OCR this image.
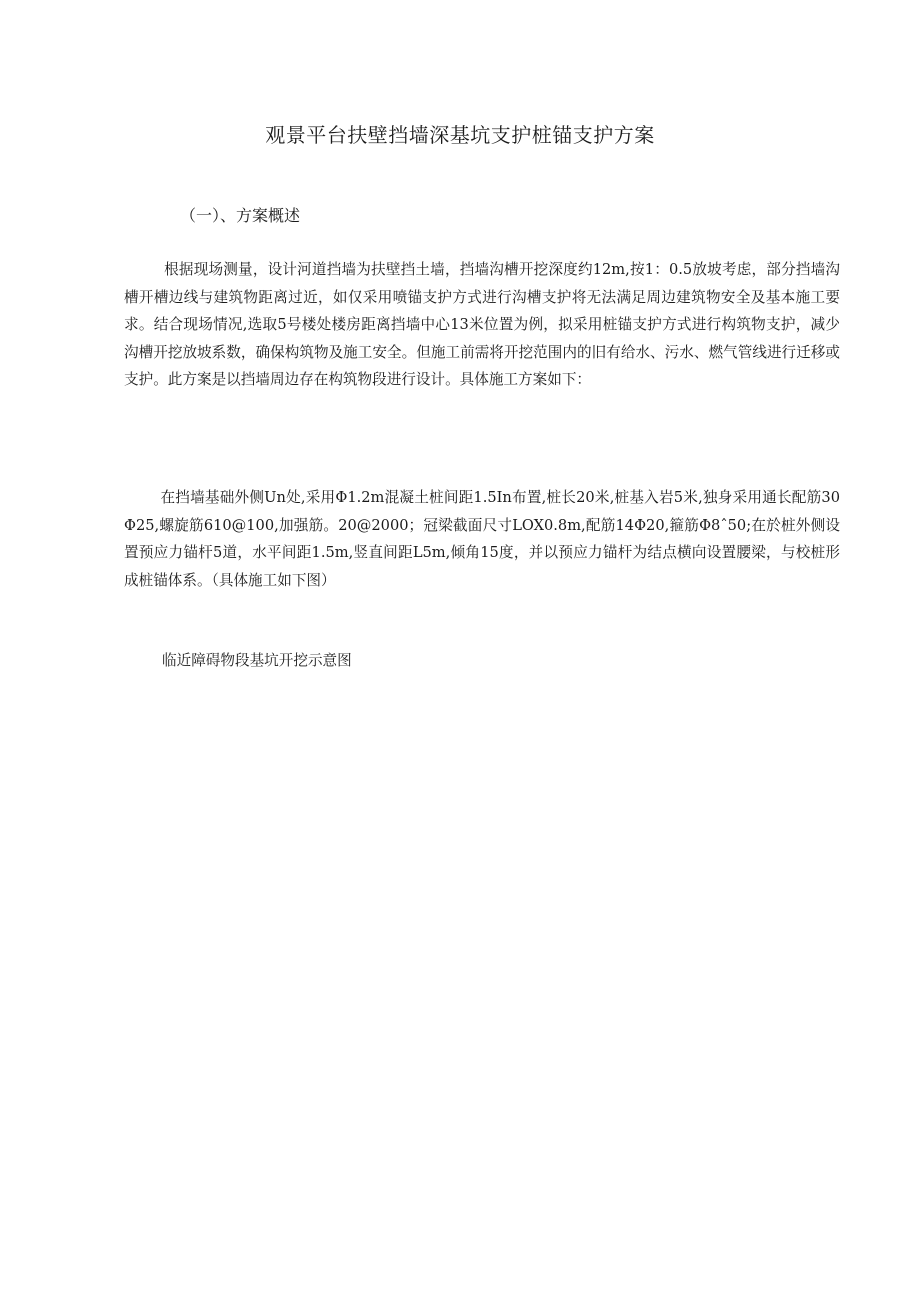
观景平台扶壁挡墙深基坑支护桩锚支护方案
（一）、方案概述

根据现场测量，设计河道挡墙为扶壁挡土墙，挡墙沟槽开挖深度约12m,按1：0.5放坡考虑，部分挡墙沟槽开槽边线与建筑物距离过近，如仅采用喷锚支护方式进行沟槽支护将无法满足周边建筑物安全及基本施工要求。结合现场情况,选取5号楼处楼房距离挡墙中心13米位置为例，拟采用桩锚支护方式进行构筑物支护，减少沟槽开挖放坡系数，确保构筑物及施工安全。但施工前需将开挖范围内的旧有给水、污水、燃气管线进行迁移或支护。此方案是以挡墙周边存在构筑物段进行设计。具体施工方案如下：

在挡墙基础外侧Un处,采用Φ1.2m混凝土桩间距1.5In布置,桩长20米,桩基入岩5米,独身采用通长配筋30Φ25,螺旋筋610@100,加强筋。20@2000；冠梁截面尺寸LOX0.8m,配筋14Φ20,箍筋Φ8ˆ50;在於桩外侧设置预应力锚杆5道，水平间距1.5m,竖直间距L5m,倾角15度，并以预应力锚杆为结点横向设置腰梁，与校桩形成桩锚体系。（具体施工如下图）

临近障碍物段基坑开挖示意图
